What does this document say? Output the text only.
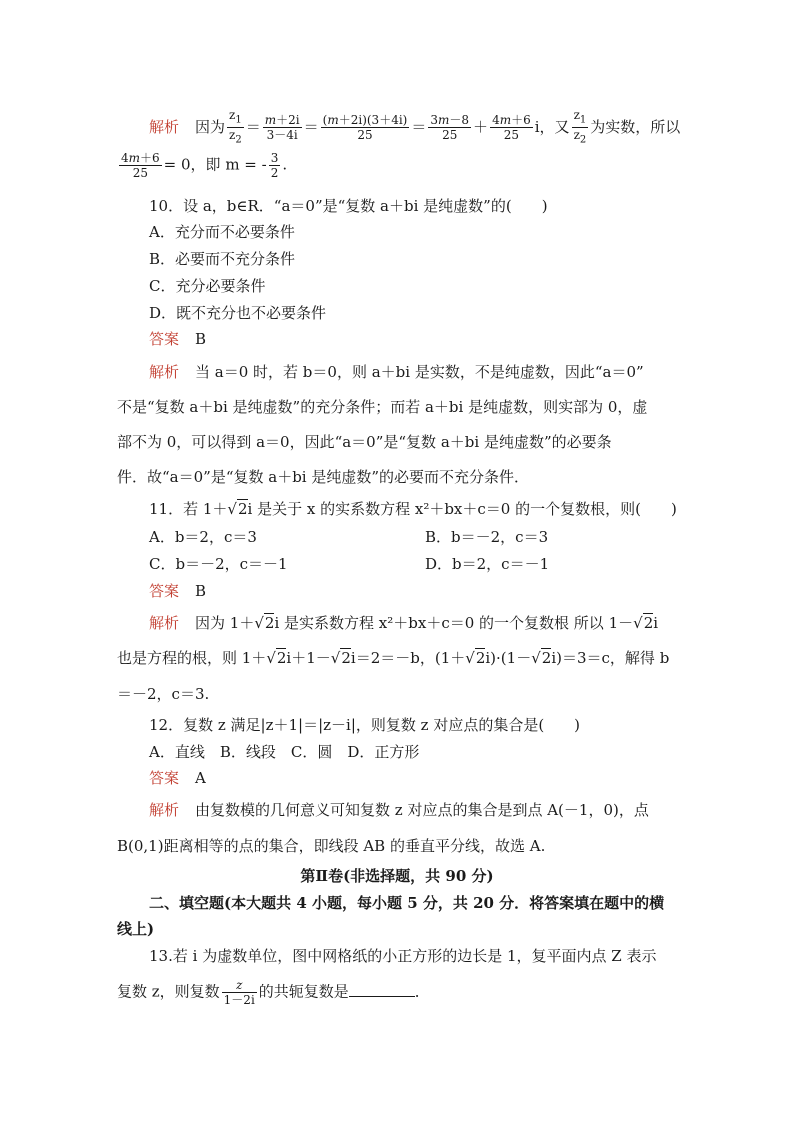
解析 因为 $\frac{z_1}{z_2} = \frac{m+2i}{3-4i} = \frac{(m+2i)(3+4i)}{25} = \frac{3m-8}{25} + \frac{4m+6}{25}$ i，又 $\frac{z_1}{z_2}$ 为实数，所以
$\frac{4m+6}{25} = 0$，即 m = - $\frac{3}{2}$ .
10．设 a，b∈R．“a＝0”是“复数 a＋bi 是纯虚数”的(　　)
A．充分而不必要条件
B．必要而不充分条件
C．充分必要条件
D．既不充分也不必要条件
答案 B
解析 当 a＝0 时，若 b＝0，则 a＋bi 是实数，不是纯虚数，因此“a＝0”
不是“复数 a＋bi 是纯虚数”的充分条件；而若 a＋bi 是纯虚数，则实部为 0，虚
部不为 0，可以得到 a＝0，因此“a＝0”是“复数 a＋bi 是纯虚数”的必要条
件．故“a＝0”是“复数 a＋bi 是纯虚数”的必要而不充分条件．
11．若 1＋√2i 是关于 x 的实系数方程 x²＋bx＋c＝0 的一个复数根，则(　　)
A．b＝2，c＝3	B．b＝－2，c＝3
C．b＝－2，c＝－1	D．b＝2，c＝－1
答案 B
解析 因为 1＋√2i 是实系数方程 x²＋bx＋c＝0 的一个复数根 所以 1－√2i
也是方程的根，则 1＋√2i＋1－√2i＝2＝－b，(1＋√2i)·(1－√2i)＝3＝c，解得 b
＝－2，c＝3.
12．复数 z 满足|z＋1|＝|z－i|，则复数 z 对应点的集合是(　　)
A．直线　B．线段　C．圆　D．正方形
答案 A
解析 由复数模的几何意义可知复数 z 对应点的集合是到点 A(－1，0)，点
B(0,1)距离相等的点的集合，即线段 AB 的垂直平分线，故选 A.
第Ⅱ卷(非选择题，共 90 分)
二、填空题(本大题共 4 小题，每小题 5 分，共 20 分．将答案填在题中的横
线上)
13.若 i 为虚数单位，图中网格纸的小正方形的边长是 1，复平面内点 Z 表示
复数 z，则复数 $\frac{z}{1-2i}$ 的共轭复数是	．
